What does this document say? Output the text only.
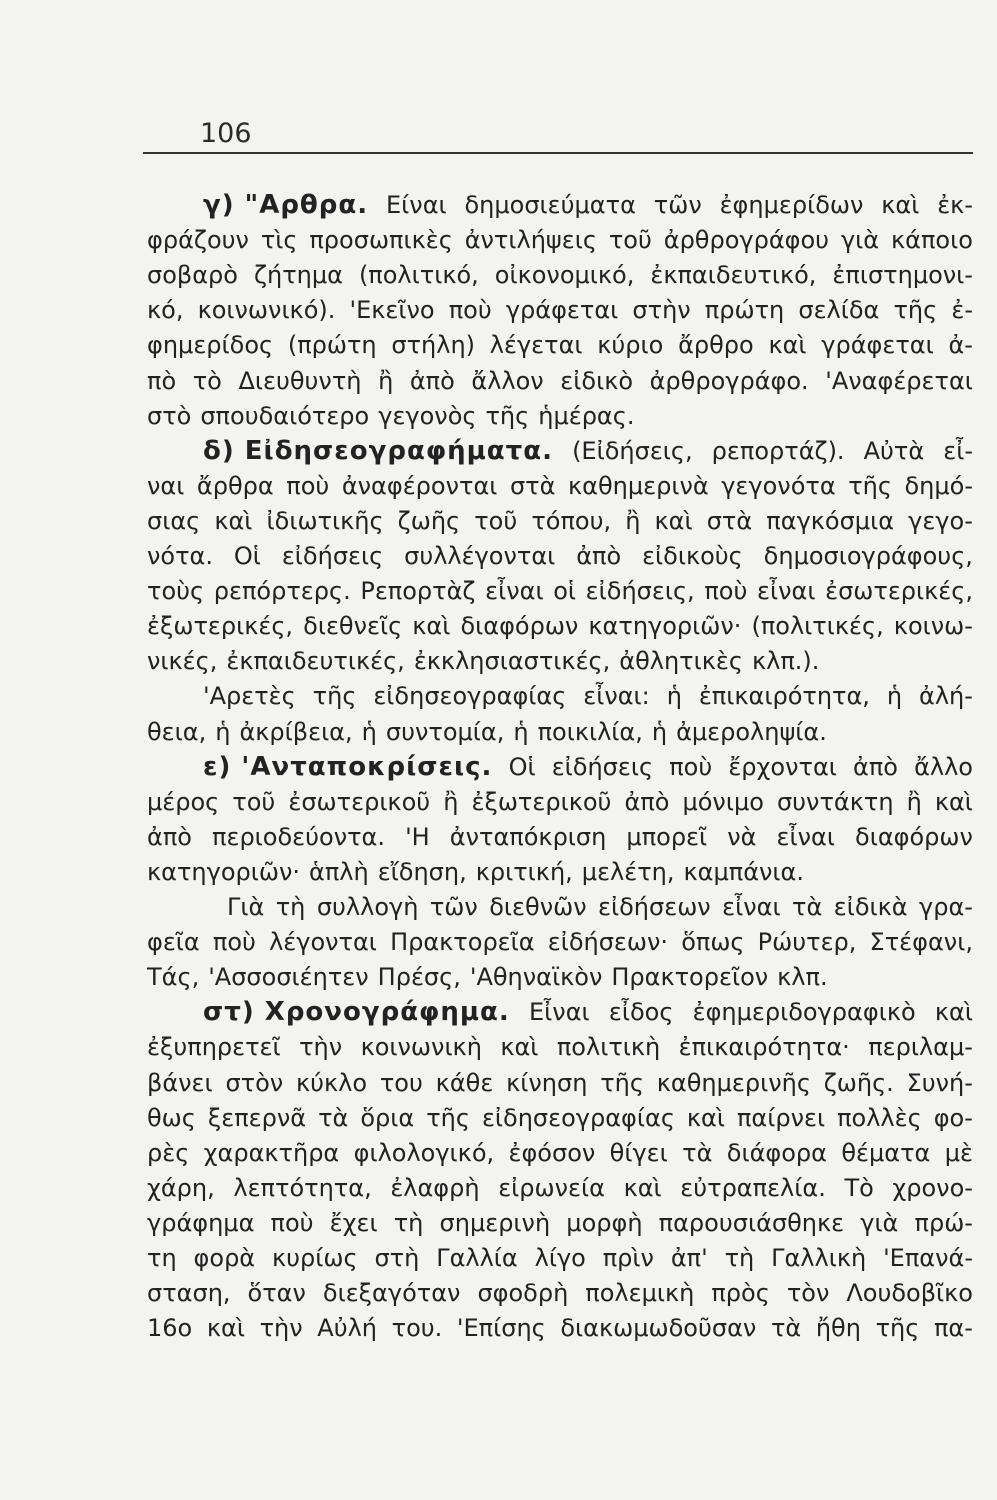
106
γ) "Αρθρα. Είναι δημοσιεύματα τῶν ἐφημερίδων καὶ ἐκ-
φράζουν τὶς προσωπικὲς ἀντιλήψεις τοῦ ἀρθρογράφου γιὰ κάποιο
σοβαρὸ ζήτημα (πολιτικό, οἰκονομικό, ἐκπαιδευτικό, ἐπιστημονι-
κό, κοινωνικό). 'Εκεῖνο ποὺ γράφεται στὴν πρώτη σελίδα τῆς ἐ-
φημερίδος (πρώτη στήλη) λέγεται κύριο ἄρθρο καὶ γράφεται ἀ-
πὸ τὸ Διευθυντὴ ἢ ἀπὸ ἄλλον εἰδικὸ ἀρθρογράφο. 'Αναφέρεται
στὸ σπουδαιότερο γεγονὸς τῆς ἡμέρας.
δ) Εἰδησεογραφήματα. (Εἰδήσεις, ρεπορτάζ). Αὐτὰ εἶ-
ναι ἄρθρα ποὺ ἀναφέρονται στὰ καθημερινὰ γεγονότα τῆς δημό-
σιας καὶ ἰδιωτικῆς ζωῆς τοῦ τόπου, ἢ καὶ στὰ παγκόσμια γεγο-
νότα. Οἱ εἰδήσεις συλλέγονται ἀπὸ εἰδικοὺς δημοσιογράφους,
τοὺς ρεπόρτερς. Ρεπορτὰζ εἶναι οἱ εἰδήσεις, ποὺ εἶναι ἐσωτερικές,
ἐξωτερικές, διεθνεῖς καὶ διαφόρων κατηγοριῶν· (πολιτικές, κοινω-
νικές, ἐκπαιδευτικές, ἐκκλησιαστικές, ἀθλητικὲς κλπ.).
'Αρετὲς τῆς εἰδησεογραφίας εἶναι: ἡ ἐπικαιρότητα, ἡ ἀλή-
θεια, ἡ ἀκρίβεια, ἡ συντομία, ἡ ποικιλία, ἡ ἀμεροληψία.
ε) 'Ανταποκρίσεις. Οἱ εἰδήσεις ποὺ ἔρχονται ἀπὸ ἄλλο
μέρος τοῦ ἐσωτερικοῦ ἢ ἐξωτερικοῦ ἀπὸ μόνιμο συντάκτη ἢ καὶ
ἀπὸ περιοδεύοντα. 'Η ἀνταπόκριση μπορεῖ νὰ εἶναι διαφόρων
κατηγοριῶν· ἁπλὴ εἴδηση, κριτική, μελέτη, καμπάνια.
Γιὰ τὴ συλλογὴ τῶν διεθνῶν εἰδήσεων εἶναι τὰ εἰδικὰ γρα-
φεῖα ποὺ λέγονται Πρακτορεῖα εἰδήσεων· ὅπως Ρώυτερ, Στέφανι,
Τάς, 'Ασσοσιέητεν Πρέσς, 'Αθηναϊκὸν Πρακτορεῖον κλπ.
στ) Χρονογράφημα. Εἶναι εἶδος ἐφημεριδογραφικὸ καὶ
ἐξυπηρετεῖ τὴν κοινωνικὴ καὶ πολιτικὴ ἐπικαιρότητα· περιλαμ-
βάνει στὸν κύκλο του κάθε κίνηση τῆς καθημερινῆς ζωῆς. Συνή-
θως ξεπερνᾶ τὰ ὅρια τῆς εἰδησεογραφίας καὶ παίρνει πολλὲς φο-
ρὲς χαρακτῆρα φιλολογικό, ἐφόσον θίγει τὰ διάφορα θέματα μὲ
χάρη, λεπτότητα, ἐλαφρὴ εἰρωνεία καὶ εὐτραπελία. Τὸ χρονο-
γράφημα ποὺ ἔχει τὴ σημερινὴ μορφὴ παρουσιάσθηκε γιὰ πρώ-
τη φορὰ κυρίως στὴ Γαλλία λίγο πρὶν ἀπ' τὴ Γαλλικὴ 'Επανά-
σταση, ὅταν διεξαγόταν σφοδρὴ πολεμικὴ πρὸς τὸν Λουδοβῖκο
16ο καὶ τὴν Αὐλή του. 'Επίσης διακωμωδοῦσαν τὰ ἤθη τῆς πα-
